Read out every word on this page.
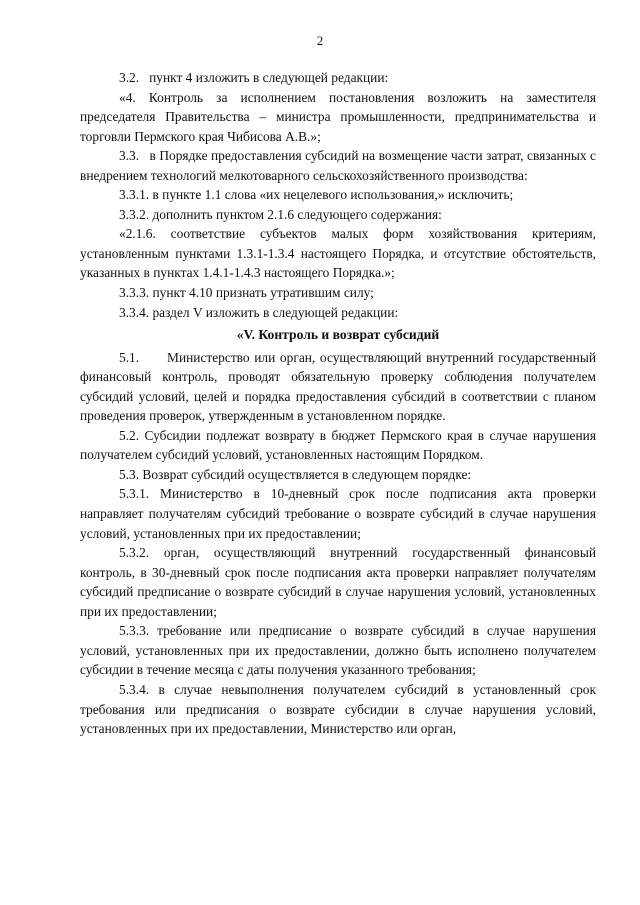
2

3.2.   пункт 4 изложить в следующей редакции:

«4. Контроль за исполнением постановления возложить на заместителя председателя Правительства – министра промышленности, предпринимательства и торговли Пермского края Чибисова А.В.»;

3.3.   в Порядке предоставления субсидий на возмещение части затрат, связанных с внедрением технологий мелкотоварного сельскохозяйственного производства:

3.3.1. в пункте 1.1 слова «их нецелевого использования,» исключить;

3.3.2. дополнить пунктом 2.1.6 следующего содержания:

«2.1.6. соответствие субъектов малых форм хозяйствования критериям, установленным пунктами 1.3.1-1.3.4 настоящего Порядка, и отсутствие обстоятельств, указанных в пунктах 1.4.1-1.4.3 настоящего Порядка.»;

3.3.3. пункт 4.10 признать утратившим силу;

3.3.4. раздел V изложить в следующей редакции:

«V. Контроль и возврат субсидий

5.1.      Министерство или орган, осуществляющий внутренний государственный финансовый контроль, проводят обязательную проверку соблюдения получателем субсидий условий, целей и порядка предоставления субсидий в соответствии с планом проведения проверок, утвержденным в установленном порядке.

5.2. Субсидии подлежат возврату в бюджет Пермского края в случае нарушения получателем субсидий условий, установленных настоящим Порядком.

5.3. Возврат субсидий осуществляется в следующем порядке:

5.3.1. Министерство в 10-дневный срок после подписания акта проверки направляет получателям субсидий требование о возврате субсидий в случае нарушения условий, установленных при их предоставлении;

5.3.2. орган, осуществляющий внутренний государственный финансовый контроль, в 30-дневный срок после подписания акта проверки направляет получателям субсидий предписание о возврате субсидий в случае нарушения условий, установленных при их предоставлении;

5.3.3. требование или предписание о возврате субсидий в случае нарушения условий, установленных при их предоставлении, должно быть исполнено получателем субсидии в течение месяца с даты получения указанного требования;

5.3.4. в случае невыполнения получателем субсидий в установленный срок требования или предписания о возврате субсидии в случае нарушения условий, установленных при их предоставлении, Министерство или орган,
